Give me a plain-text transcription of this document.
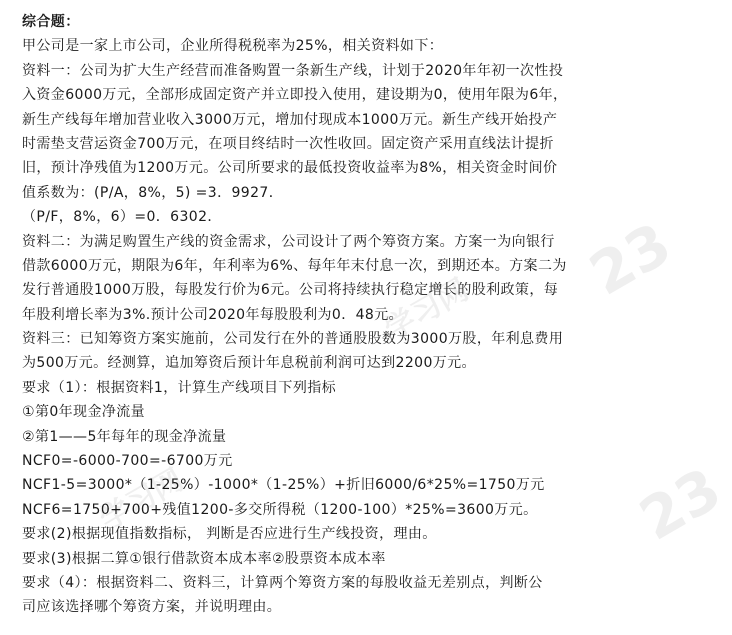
综合题：
甲公司是一家上市公司，企业所得税税率为25%，相关资料如下：
资料一：公司为扩大生产经营而准备购置一条新生产线，计划于2020年年初一次性投
入资金6000万元，全部形成固定资产并立即投入使用，建设期为0，使用年限为6年，
新生产线每年增加营业收入3000万元，增加付现成本1000万元。新生产线开始投产
时需垫支营运资金700万元，在项目终结时一次性收回。固定资产采用直线法计提折
旧，预计净残值为1200万元。公司所要求的最低投资收益率为8%，相关资金时间价
值系数为：(P/A，8%，5) =3．9927．
（P/F，8%，6）=0．6302．
资料二：为满足购置生产线的资金需求，公司设计了两个筹资方案。方案一为向银行
借款6000万元，期限为6年，年利率为6%、每年年末付息一次，到期还本。方案二为
发行普通股1000万股，每股发行价为6元。公司将持续执行稳定增长的股利政策，每
年股利增长率为3%.预计公司2020年每股股利为0．48元。
资料三：已知筹资方案实施前，公司发行在外的普通股股数为3000万股，年利息费用
为500万元。经测算，追加筹资后预计年息税前利润可达到2200万元。
要求（1）：根据资料1，计算生产线项目下列指标
①第0年现金净流量
②第1——5年每年的现金净流量
NCF0=-6000-700=-6700万元
NCF1-5=3000*（1-25%）-1000*（1-25%）+折旧6000/6*25%=1750万元
NCF6=1750+700+残值1200-多交所得税（1200-100）*25%=3600万元。
要求(2)根据现值指数指标， 判断是否应进行生产线投资，理由。
要求(3)根据二算①银行借款资本成本率②股票资本成本率
要求（4）：根据资料二、资料三，计算两个筹资方案的每股收益无差别点，判断公
司应该选择哪个筹资方案，并说明理由。
23
23
学习网
学习网
